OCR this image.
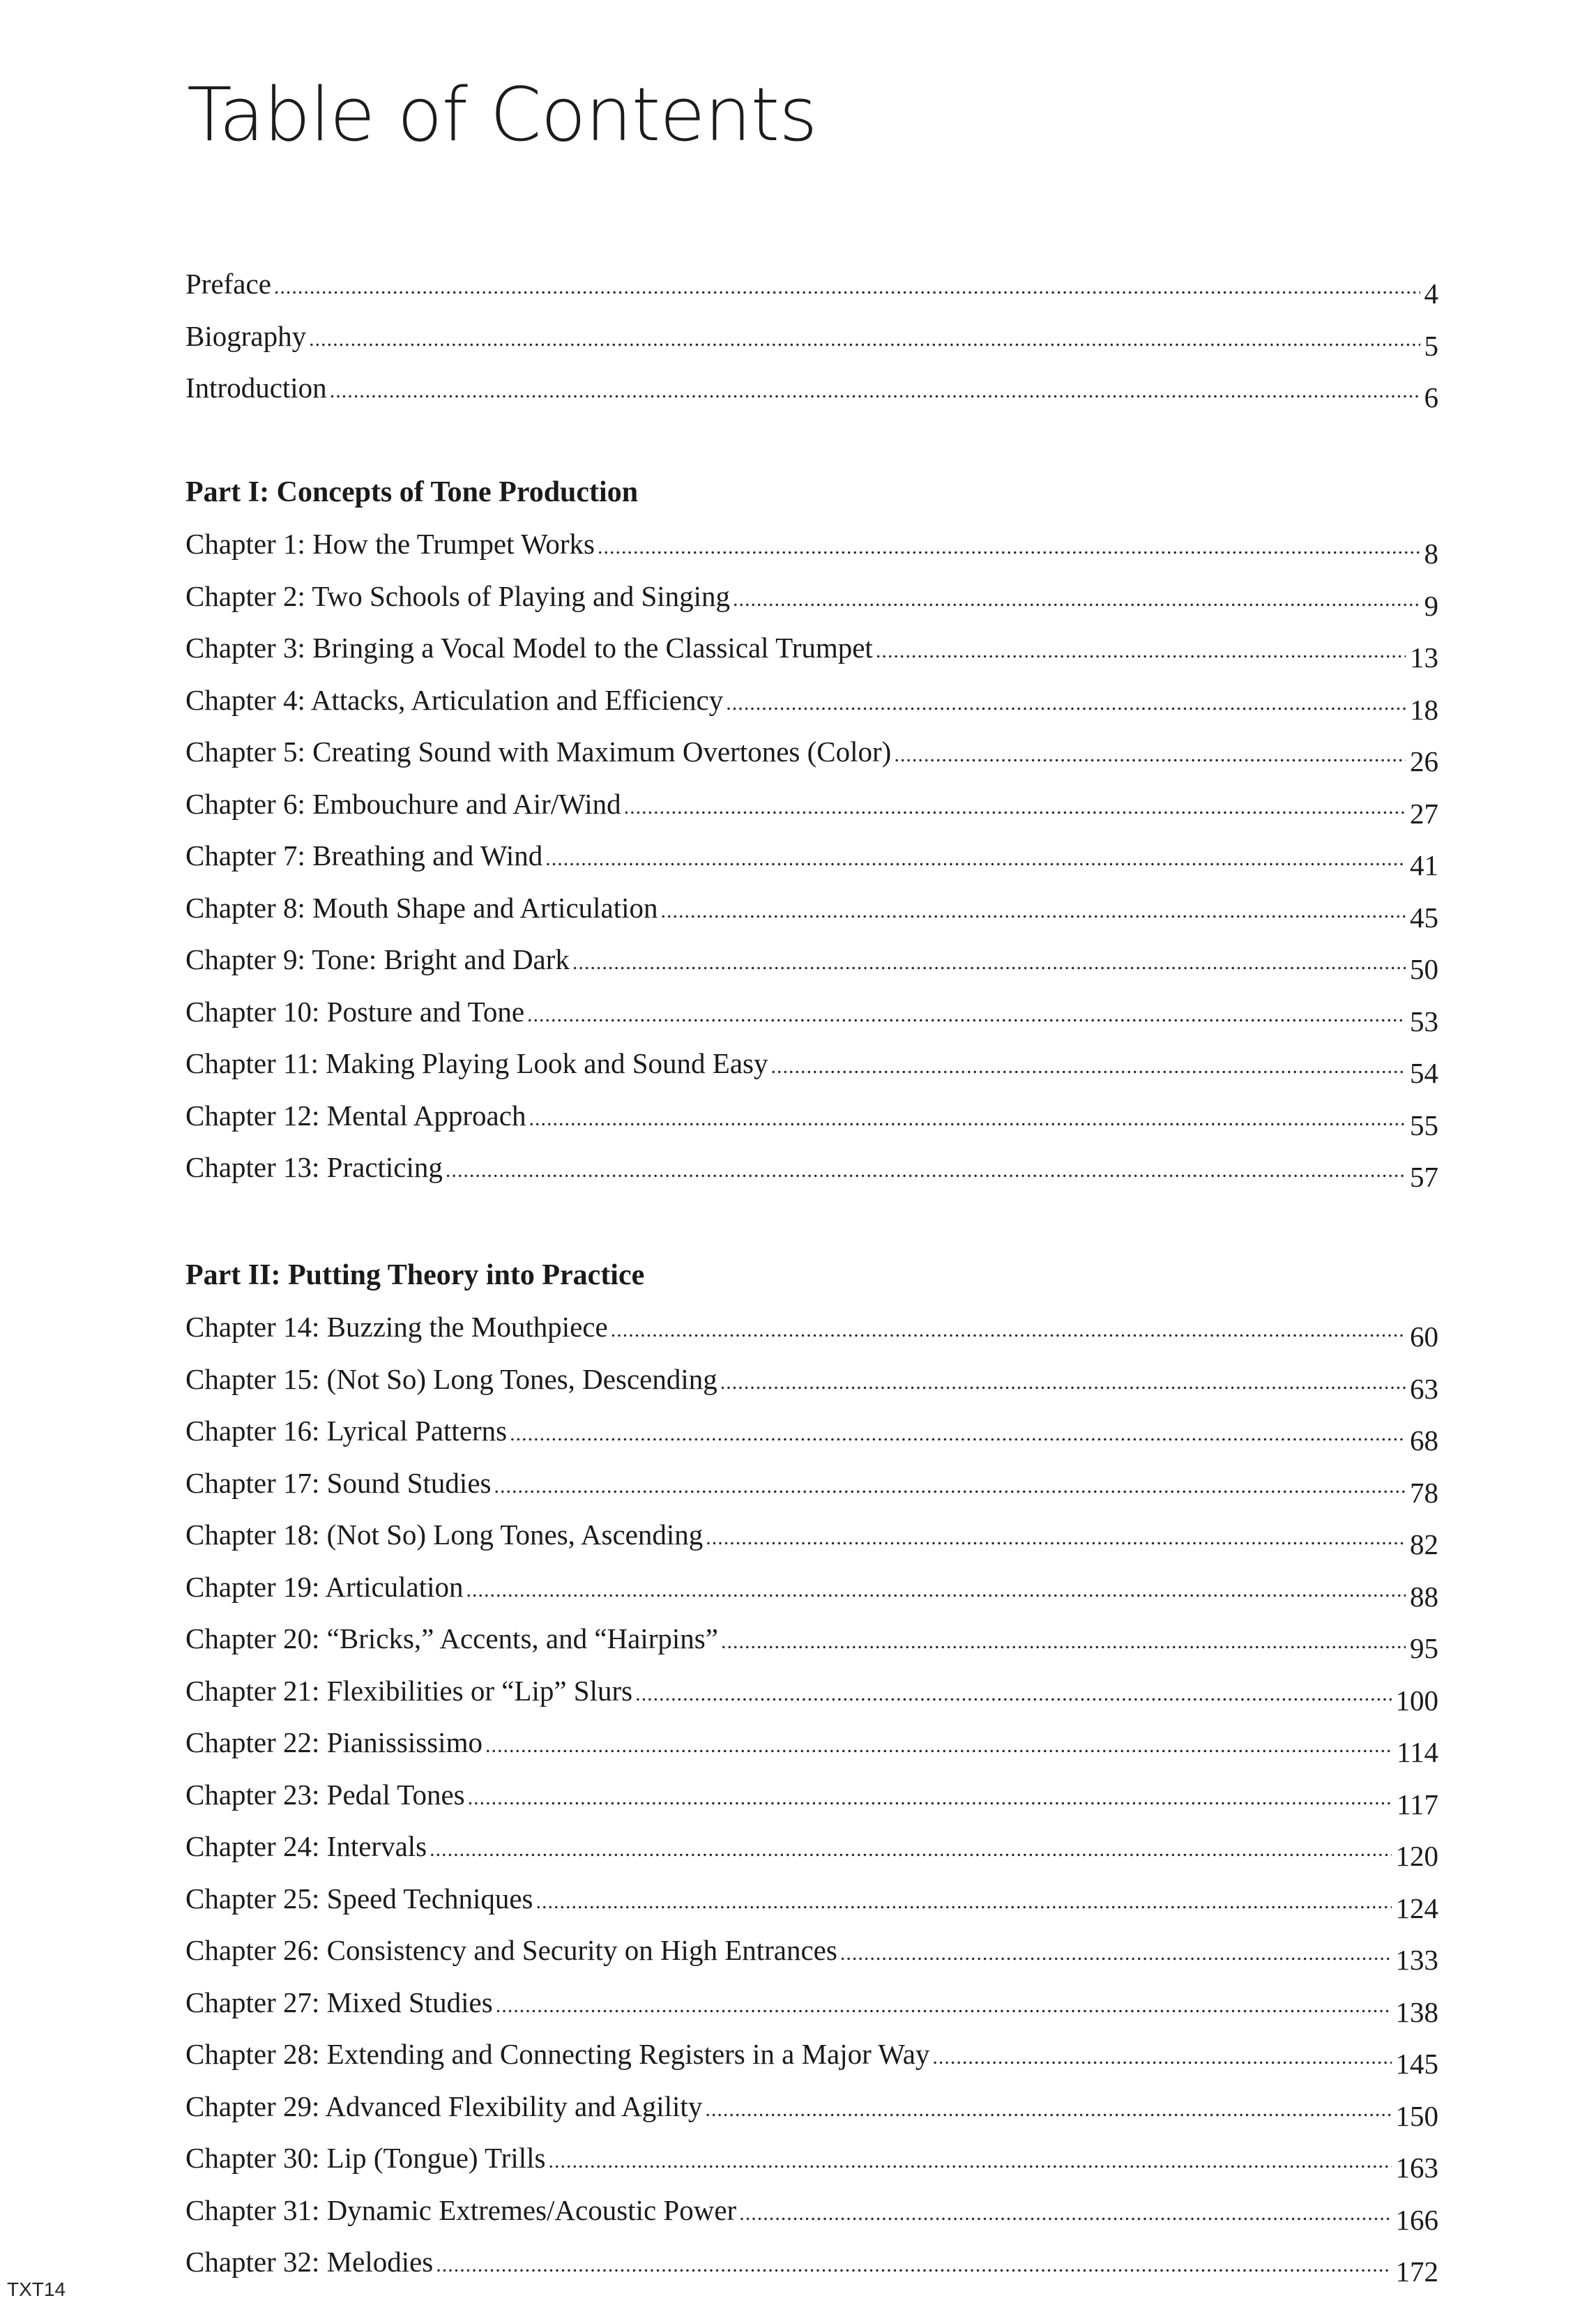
Table of Contents
Preface .....	4
Biography .....	5
Introduction .....	6
Part I: Concepts of Tone Production
Chapter 1: How the Trumpet Works .....	8
Chapter 2: Two Schools of Playing and Singing .....	9
Chapter 3: Bringing a Vocal Model to the Classical Trumpet .....	13
Chapter 4: Attacks, Articulation and Efficiency .....	18
Chapter 5: Creating Sound with Maximum Overtones (Color) .....	26
Chapter 6: Embouchure and Air/Wind .....	27
Chapter 7: Breathing and Wind .....	41
Chapter 8: Mouth Shape and Articulation .....	45
Chapter 9: Tone: Bright and Dark .....	50
Chapter 10: Posture and Tone .....	53
Chapter 11: Making Playing Look and Sound Easy .....	54
Chapter 12: Mental Approach .....	55
Chapter 13: Practicing .....	57
Part II: Putting Theory into Practice
Chapter 14: Buzzing the Mouthpiece .....	60
Chapter 15: (Not So) Long Tones, Descending .....	63
Chapter 16: Lyrical Patterns .....	68
Chapter 17: Sound Studies .....	78
Chapter 18: (Not So) Long Tones, Ascending .....	82
Chapter 19: Articulation .....	88
Chapter 20: “Bricks,” Accents, and “Hairpins” .....	95
Chapter 21: Flexibilities or “Lip” Slurs .....	100
Chapter 22: Pianississimo .....	114
Chapter 23: Pedal Tones .....	117
Chapter 24: Intervals .....	120
Chapter 25: Speed Techniques .....	124
Chapter 26: Consistency and Security on High Entrances .....	133
Chapter 27: Mixed Studies .....	138
Chapter 28: Extending and Connecting Registers in a Major Way .....	145
Chapter 29: Advanced Flexibility and Agility .....	150
Chapter 30: Lip (Tongue) Trills .....	163
Chapter 31: Dynamic Extremes/Acoustic Power .....	166
Chapter 32: Melodies .....	172
TXT14
